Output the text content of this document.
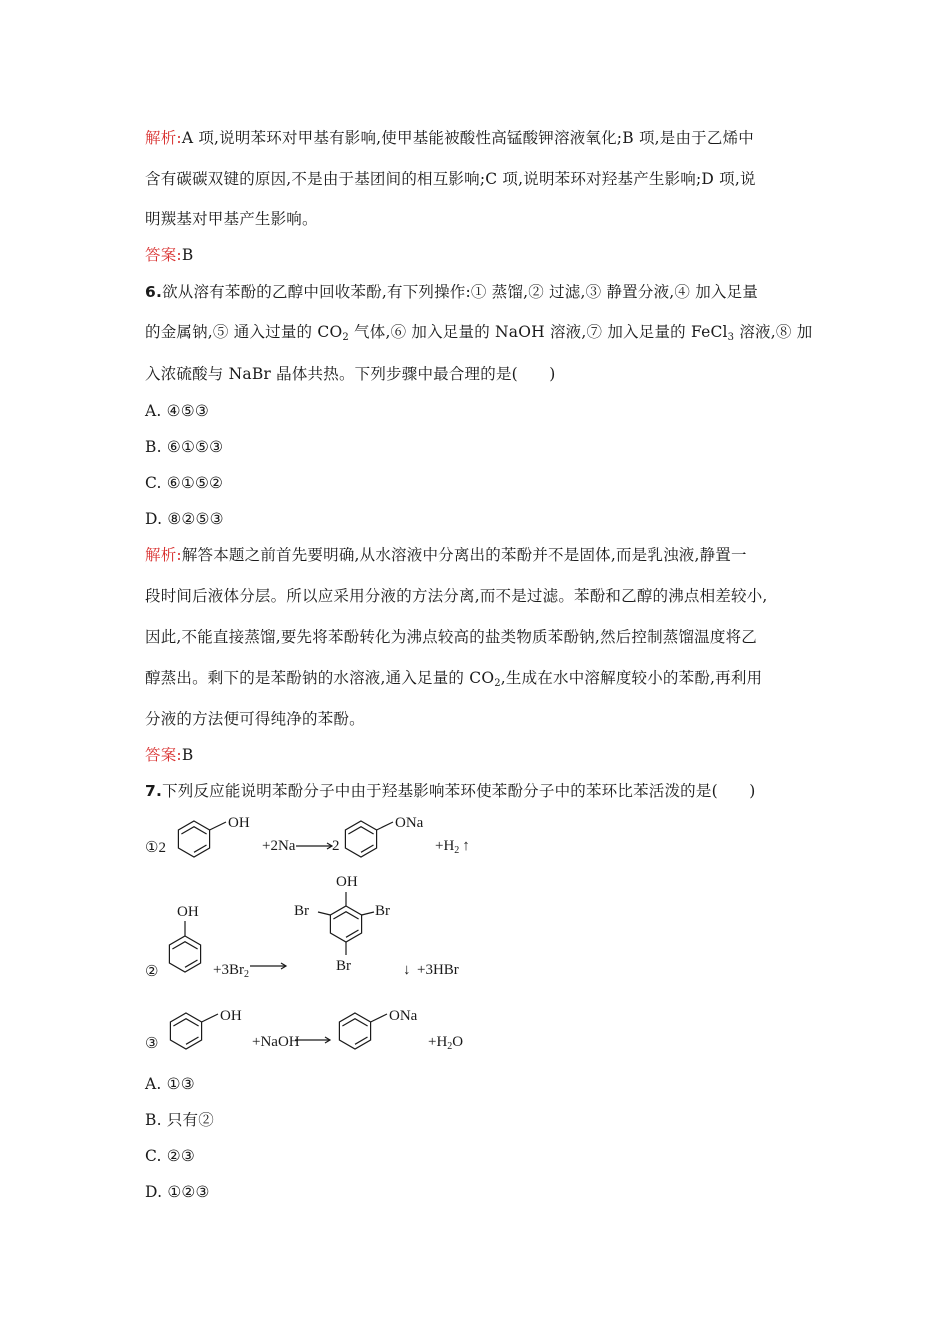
解析:A 项,说明苯环对甲基有影响,使甲基能被酸性高锰酸钾溶液氧化;B 项,是由于乙烯中
含有碳碳双键的原因,不是由于基团间的相互影响;C 项,说明苯环对羟基产生影响;D 项,说
明羰基对甲基产生影响。
答案:B
6.欲从溶有苯酚的乙醇中回收苯酚,有下列操作:① 蒸馏,② 过滤,③ 静置分液,④ 加入足量
的金属钠,⑤ 通入过量的 $CO_2$ 气体,⑥ 加入足量的 NaOH 溶液,⑦ 加入足量的 FeCl$_3$ 溶液,⑧ 加
入浓硫酸与 NaBr 晶体共热。下列步骤中最合理的是(　　)
A. ④⑤③
B. ⑥①⑤③
C. ⑥①⑤②
D. ⑧②⑤③
解析:解答本题之前首先要明确,从水溶液中分离出的苯酚并不是固体,而是乳浊液,静置一
段时间后液体分层。所以应采用分液的方法分离,而不是过滤。苯酚和乙醇的沸点相差较小,
因此,不能直接蒸馏,要先将苯酚转化为沸点较高的盐类物质苯酚钠,然后控制蒸馏温度将乙
醇蒸出。剩下的是苯酚钠的水溶液,通入足量的 $CO_2$,生成在水中溶解度较小的苯酚,再利用
分液的方法便可得纯净的苯酚。
答案:B
7.下列反应能说明苯酚分子中由于羟基影响苯环使苯酚分子中的苯环比苯活泼的是(　　)
①2
OH
+2Na 2
ONa
$+H_2$ ↑
OH
②	$+3Br_2$
OH
Br	Br
Br	↓ +3HBr
③
OH
+NaOH
ONa
$+H_2O$
A. ①③
B. 只有②
C. ②③
D. ①②③
